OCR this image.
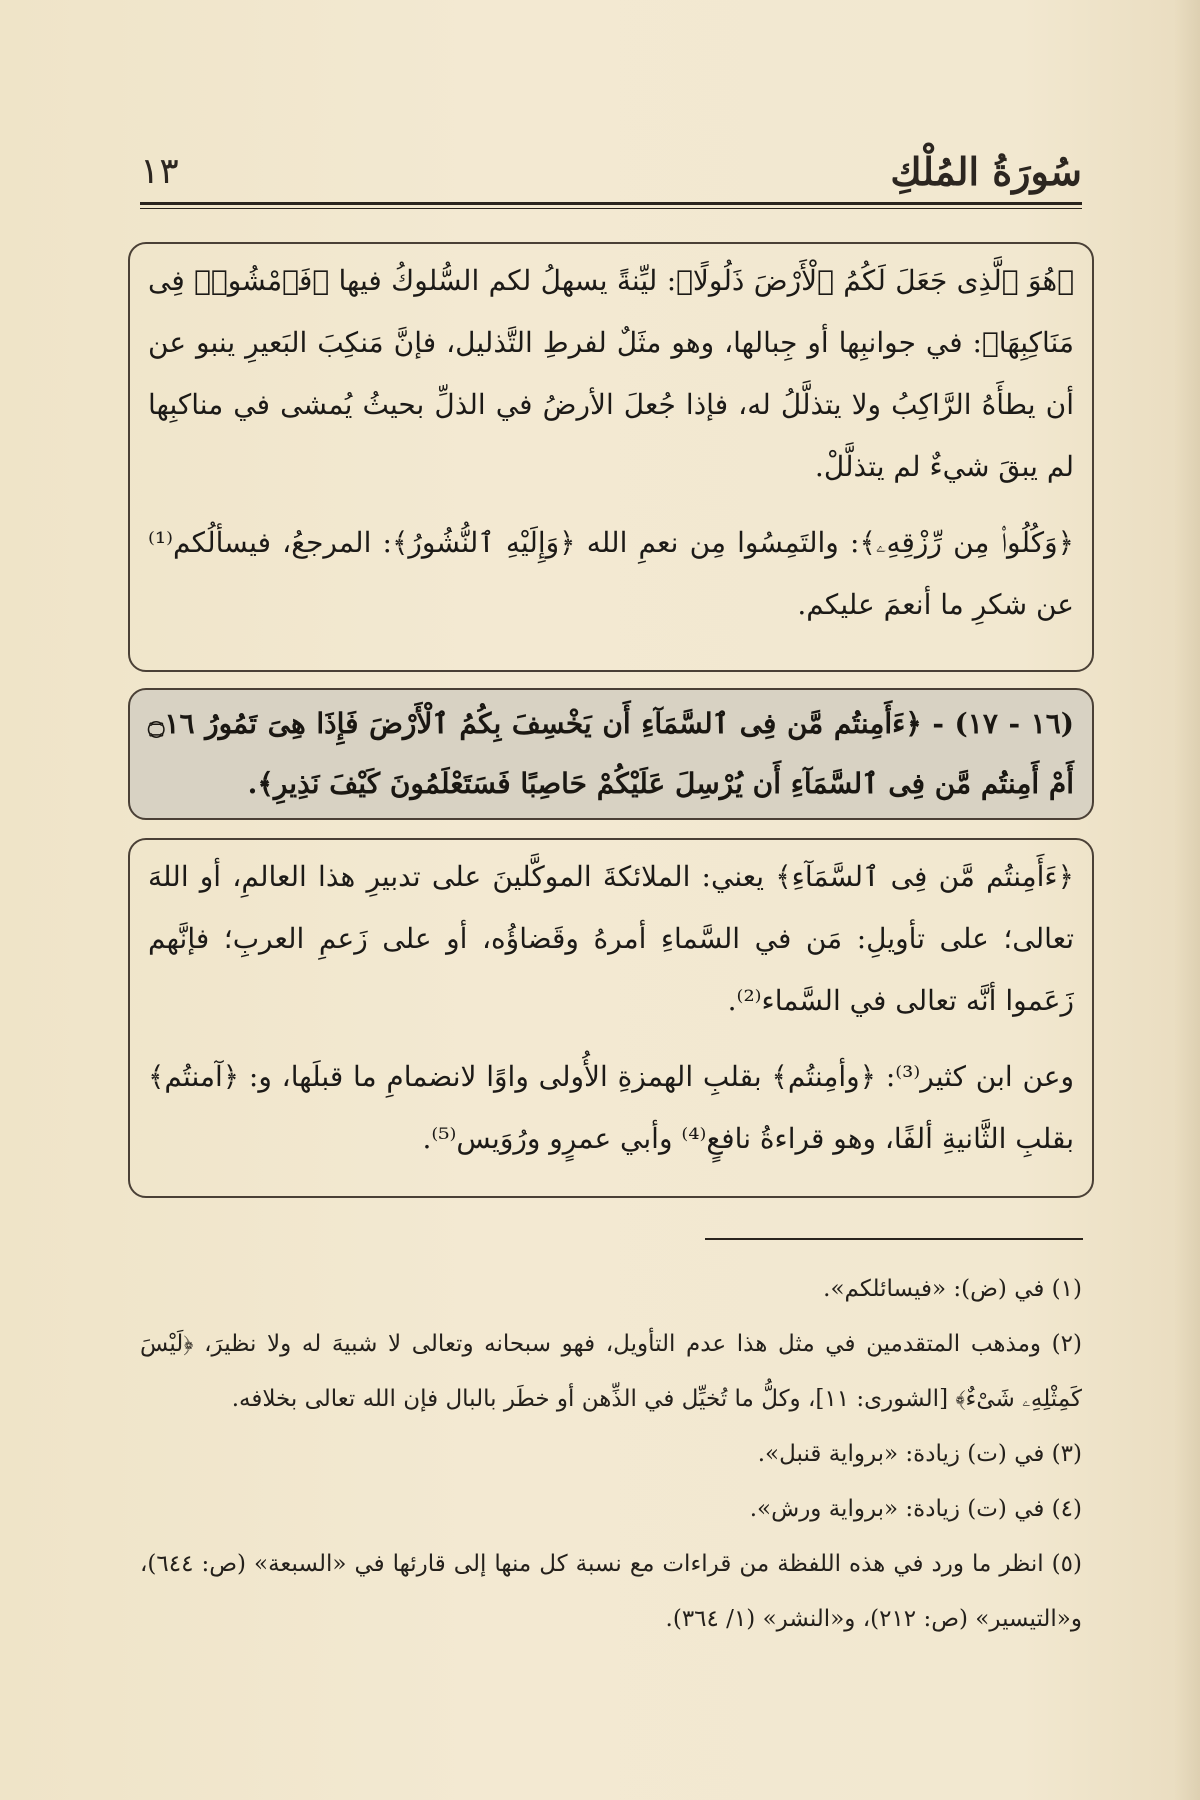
سُورَةُ المُلْكِ
١٣

﴿هُوَ ٱلَّذِى جَعَلَ لَكُمُ ٱلْأَرْضَ ذَلُولًا﴾: ليِّنةً يسهلُ لكم السُّلوكُ فيها ﴿فَٱمْشُوا۟ فِى مَنَاكِبِهَا﴾: في جوانبِها أو جِبالها، وهو مثَلٌ لفرطِ التَّذليل، فإنَّ مَنكِبَ البَعيرِ ينبو عن أن يطأَهُ الرَّاكِبُ ولا يتذلَّلُ له، فإذا جُعلَ الأرضُ في الذلِّ بحيثُ يُمشى في مناكبِها لم يبقَ شيءٌ لم يتذلَّلْ.

﴿وَكُلُوا۟ مِن رِّزْقِهِۦ﴾: والتَمِسُوا مِن نعمِ الله ﴿وَإِلَيْهِ ٱلنُّشُورُ﴾: المرجعُ، فيسألُكم⁽¹⁾ عن شكرِ ما أنعمَ عليكم.

(١٦ - ١٧) - ﴿ءَأَمِنتُم مَّن فِى ٱلسَّمَآءِ أَن يَخْسِفَ بِكُمُ ٱلْأَرْضَ فَإِذَا هِىَ تَمُورُ ۝١٦ أَمْ أَمِنتُم مَّن فِى ٱلسَّمَآءِ أَن يُرْسِلَ عَلَيْكُمْ حَاصِبًا فَسَتَعْلَمُونَ كَيْفَ نَذِيرِ﴾.

﴿ءَأَمِنتُم مَّن فِى ٱلسَّمَآءِ﴾ يعني: الملائكةَ الموكَّلينَ على تدبيرِ هذا العالمِ، أو اللهَ تعالى؛ على تأويلِ: مَن في السَّماءِ أمرهُ وقَضاؤُه، أو على زَعمِ العربِ؛ فإنَّهم زَعَموا أنَّه تعالى في السَّماء⁽²⁾.

وعن ابن كثير⁽³⁾: ﴿وأمِنتُم﴾ بقلبِ الهمزةِ الأُولى واوًا لانضمامِ ما قبلَها، و: ﴿آمنتُم﴾ بقلبِ الثَّانيةِ ألفًا، وهو قراءةُ نافعٍ⁽⁴⁾ وأبي عمرٍو ورُوَيس⁽⁵⁾.

(١) في (ض): «فيسائلكم».

(٢) ومذهب المتقدمين في مثل هذا عدم التأويل، فهو سبحانه وتعالى لا شبيهَ له ولا نظيرَ، ﴿لَيْسَ كَمِثْلِهِۦ شَىْءٌ﴾ [الشورى: ١١]، وكلُّ ما تُخيِّل في الذِّهن أو خطَر بالبال فإن الله تعالى بخلافه.

(٣) في (ت) زيادة: «برواية قنبل».

(٤) في (ت) زيادة: «برواية ورش».

(٥) انظر ما ورد في هذه اللفظة من قراءات مع نسبة كل منها إلى قارئها في «السبعة» (ص: ٦٤٤)، و«التيسير» (ص: ٢١٢)، و«النشر» (١/ ٣٦٤).
